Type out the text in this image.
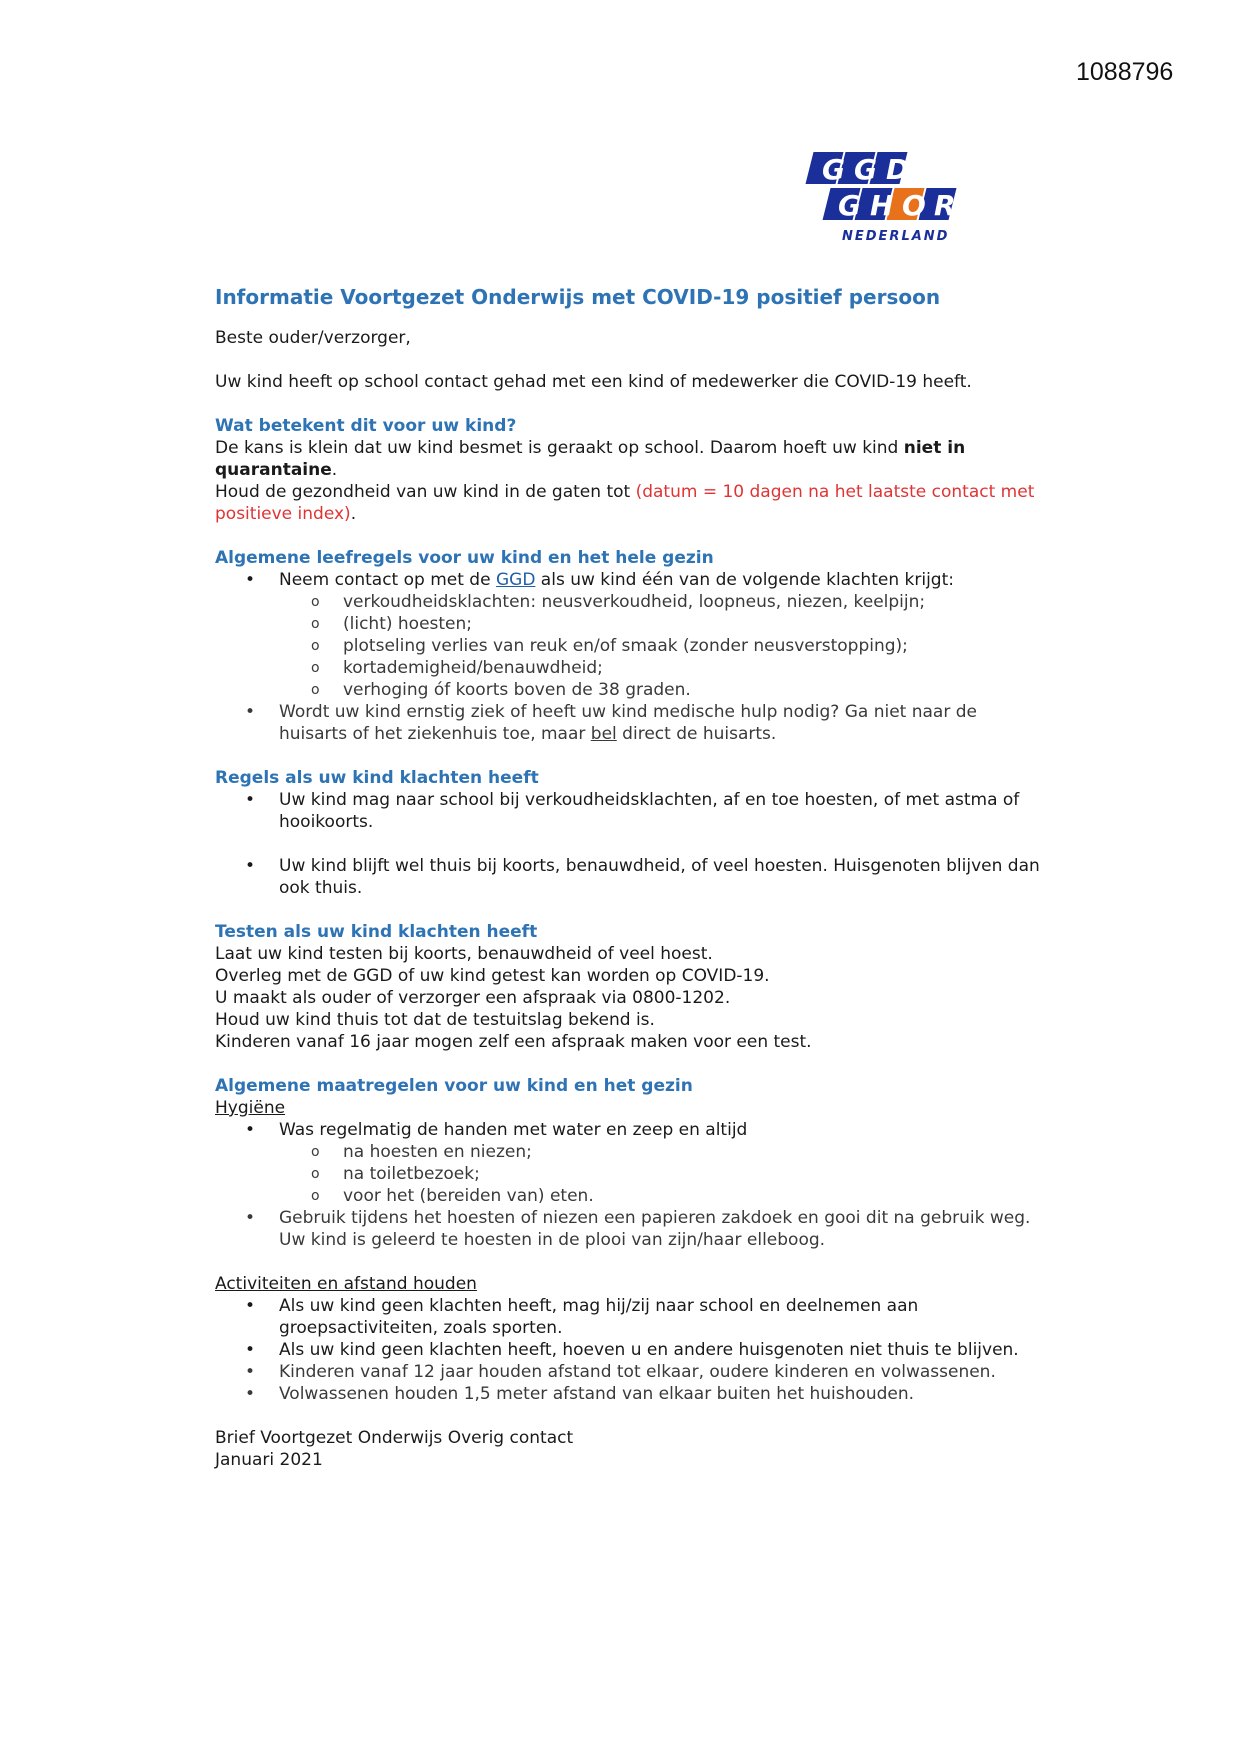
1088796
G G D
G H O R
NEDERLAND
Informatie Voortgezet Onderwijs met COVID-19 positief persoon

Beste ouder/verzorger,

Uw kind heeft op school contact gehad met een kind of medewerker die COVID-19 heeft.

Wat betekent dit voor uw kind?

De kans is klein dat uw kind besmet is geraakt op school. Daarom hoeft uw kind niet in quarantaine.

Houd de gezondheid van uw kind in de gaten tot (datum = 10 dagen na het laatste contact met positieve index).

Algemene leefregels voor uw kind en het hele gezin
• Neem contact op met de GGD als uw kind één van de volgende klachten krijgt:
o verkoudheidsklachten: neusverkoudheid, loopneus, niezen, keelpijn;
o (licht) hoesten;
o plotseling verlies van reuk en/of smaak (zonder neusverstopping);
o kortademigheid/benauwdheid;
o verhoging óf koorts boven de 38 graden.
• Wordt uw kind ernstig ziek of heeft uw kind medische hulp nodig? Ga niet naar de huisarts of het ziekenhuis toe, maar bel direct de huisarts.
Regels als uw kind klachten heeft
• Uw kind mag naar school bij verkoudheidsklachten, af en toe hoesten, of met astma of hooikoorts.
• Uw kind blijft wel thuis bij koorts, benauwdheid, of veel hoesten. Huisgenoten blijven dan ook thuis.
Testen als uw kind klachten heeft

Laat uw kind testen bij koorts, benauwdheid of veel hoest.

Overleg met de GGD of uw kind getest kan worden op COVID-19.

U maakt als ouder of verzorger een afspraak via 0800-1202.

Houd uw kind thuis tot dat de testuitslag bekend is.

Kinderen vanaf 16 jaar mogen zelf een afspraak maken voor een test.

Algemene maatregelen voor uw kind en het gezin

Hygiëne

• Was regelmatig de handen met water en zeep en altijd
o na hoesten en niezen;
o na toiletbezoek;
o voor het (bereiden van) eten.
• Gebruik tijdens het hoesten of niezen een papieren zakdoek en gooi dit na gebruik weg. Uw kind is geleerd te hoesten in de plooi van zijn/haar elleboog.

Activiteiten en afstand houden

• Als uw kind geen klachten heeft, mag hij/zij naar school en deelnemen aan groepsactiviteiten, zoals sporten.
• Als uw kind geen klachten heeft, hoeven u en andere huisgenoten niet thuis te blijven.
• Kinderen vanaf 12 jaar houden afstand tot elkaar, oudere kinderen en volwassenen.
• Volwassenen houden 1,5 meter afstand van elkaar buiten het huishouden.

Brief Voortgezet Onderwijs Overig contact

Januari 2021
